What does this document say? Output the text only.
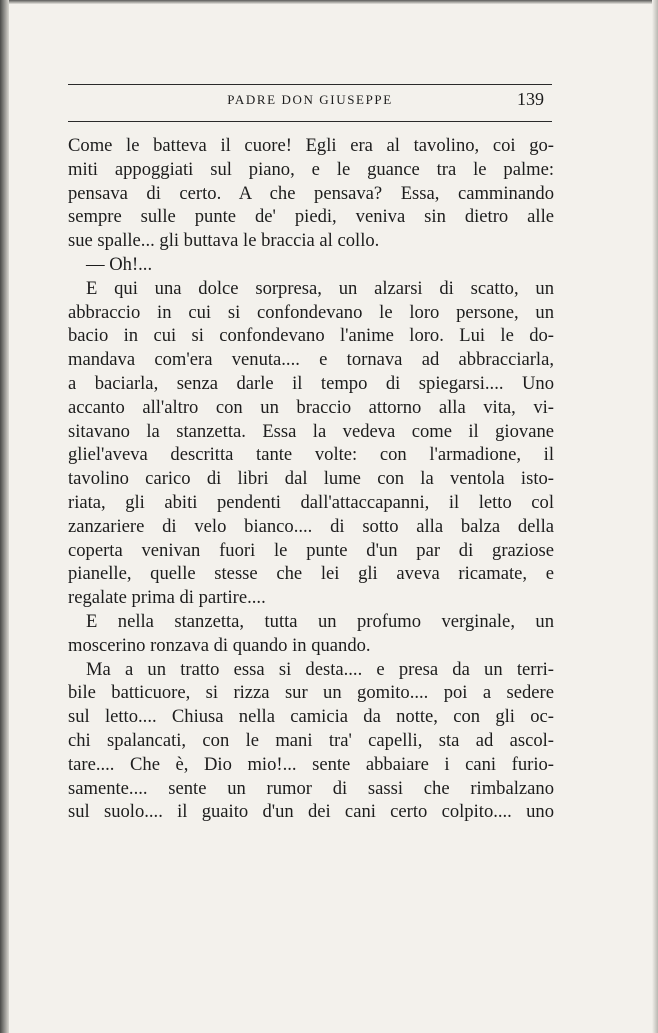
PADRE DON GIUSEPPE	139
Come le batteva il cuore! Egli era al tavolino, coi go-
miti appoggiati sul piano, e le guance tra le palme:
pensava di certo. A che pensava? Essa, camminando
sempre sulle punte de' piedi, veniva sin dietro alle
sue spalle... gli buttava le braccia al collo.
— Oh!...
E qui una dolce sorpresa, un alzarsi di scatto, un
abbraccio in cui si confondevano le loro persone, un
bacio in cui si confondevano l'anime loro. Lui le do-
mandava com'era venuta.... e tornava ad abbracciarla,
a baciarla, senza darle il tempo di spiegarsi.... Uno
accanto all'altro con un braccio attorno alla vita, vi-
sitavano la stanzetta. Essa la vedeva come il giovane
gliel'aveva descritta tante volte: con l'armadione, il
tavolino carico di libri dal lume con la ventola isto-
riata, gli abiti pendenti dall'attaccapanni, il letto col
zanzariere di velo bianco.... di sotto alla balza della
coperta venivan fuori le punte d'un par di graziose
pianelle, quelle stesse che lei gli aveva ricamate, e
regalate prima di partire....
E nella stanzetta, tutta un profumo verginale, un
moscerino ronzava di quando in quando.
Ma a un tratto essa si desta.... e presa da un terri-
bile batticuore, si rizza sur un gomito.... poi a sedere
sul letto.... Chiusa nella camicia da notte, con gli oc-
chi spalancati, con le mani tra' capelli, sta ad ascol-
tare.... Che è, Dio mio!... sente abbaiare i cani furio-
samente.... sente un rumor di sassi che rimbalzano
sul suolo.... il guaito d'un dei cani certo colpito.... uno
